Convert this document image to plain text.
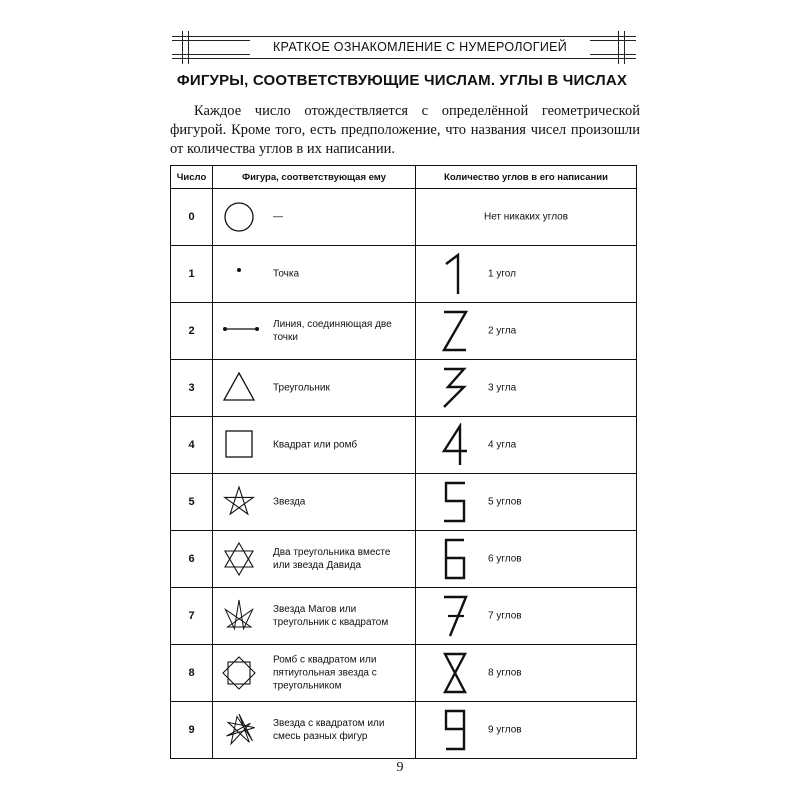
КРАТКОЕ ОЗНАКОМЛЕНИЕ С НУМЕРОЛОГИЕЙ
ФИГУРЫ, СООТВЕТСТВУЮЩИЕ ЧИСЛАМ. УГЛЫ В ЧИСЛАХ
Каждое число отождествляется с определённой геометрической фигурой. Кроме того, есть предположение, что названия чисел произошли от количества углов в их написании.
Число	Фигура, соответствующая ему	Количество углов в его написании
0	—	Нет никаких углов

1	Точка	1 угол

2	Линия, соединяющая две точки	2 угла

3	Треугольник	3 угла

4	Квадрат или ромб	4 угла

5	Звезда	5 углов

6	Два треугольника вместе или звезда Давида	6 углов

7	Звезда Магов или треугольник с квадратом	7 углов

8	Ромб с квадратом или пятиугольная звезда с треугольником	8 углов

9	Звезда с квадратом или смесь разных фигур	9 углов
9
